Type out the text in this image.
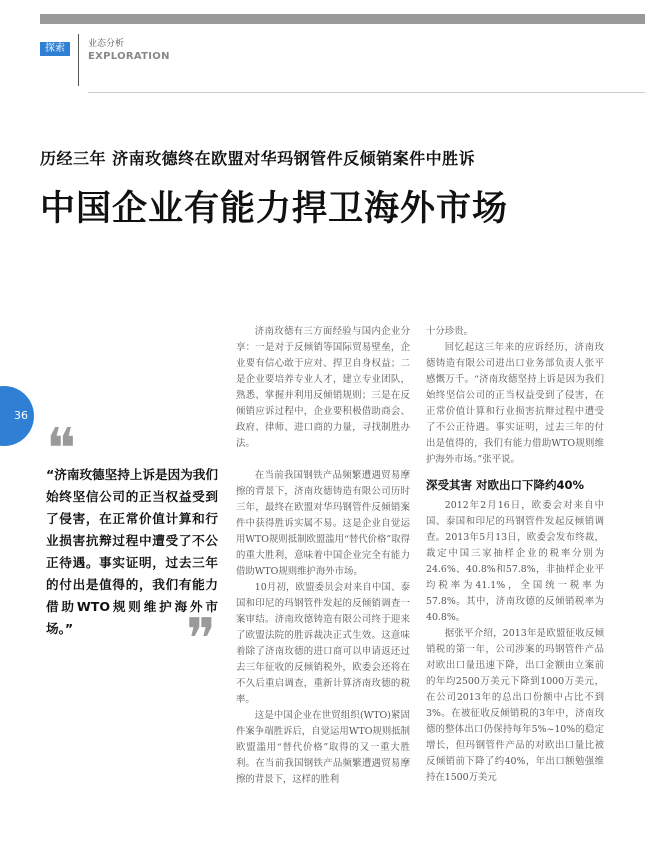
探索	业态分析
EXPLORATION
历经三年 济南玫德终在欧盟对华玛钢管件反倾销案件中胜诉
中国企业有能力捍卫海外市场
36
❝
“济南玫德坚持上诉是因为我们始终坚信公司的正当权益受到了侵害，在正常价值计算和行业损害抗辩过程中遭受了不公正待遇。事实证明，过去三年的付出是值得的，我们有能力借助WTO规则维护海外市场。”	❞

济南玫德有三方面经验与国内企业分享：一是对于反倾销等国际贸易壁垒，企业要有信心敢于应对、捍卫自身权益；二是企业要培养专业人才，建立专业团队，熟悉、掌握并利用反倾销规则；三是在反倾销应诉过程中，企业要积极借助商会、政府、律师、进口商的力量，寻找制胜办法。

在当前我国钢铁产品频繁遭遇贸易摩擦的背景下，济南玫德铸造有限公司历时三年，最终在欧盟对华玛钢管件反倾销案件中获得胜诉实属不易。这是企业自觉运用WTO规则抵制欧盟滥用“替代价格”取得的重大胜利，意味着中国企业完全有能力借助WTO规则维护海外市场。

10月初，欧盟委员会对来自中国、泰国和印尼的玛钢管件发起的反倾销调查一案审结。济南玫德铸造有限公司终于迎来了欧盟法院的胜诉裁决正式生效。这意味着除了济南玫德的进口商可以申请返还过去三年征收的反倾销税外，欧委会还将在不久后重启调查，重新计算济南玫德的税率。

这是中国企业在世贸组织(WTO)紧固件案争端胜诉后，自觉运用WTO规则抵制欧盟滥用“替代价格”取得的又一重大胜利。在当前我国钢铁产品频繁遭遇贸易摩擦的背景下，这样的胜利

十分珍贵。

回忆起这三年来的应诉经历，济南玫德铸造有限公司进出口业务部负责人张平感慨万千。“济南玫德坚持上诉是因为我们始终坚信公司的正当权益受到了侵害，在正常价值计算和行业损害抗辩过程中遭受了不公正待遇。事实证明，过去三年的付出是值得的，我们有能力借助WTO规则维护海外市场。”张平说。

深受其害 对欧出口下降约40%

2012年2月16日，欧委会对来自中国、泰国和印尼的玛钢管件发起反倾销调查。2013年5月13日，欧委会发布终裁，裁定中国三家抽样企业的税率分别为24.6%、40.8%和57.8%，非抽样企业平均税率为41.1%，全国统一税率为57.8%。其中，济南玫德的反倾销税率为40.8%。

据张平介绍，2013年是欧盟征收反倾销税的第一年，公司涉案的玛钢管件产品对欧出口量迅速下降，出口金额由立案前的年均2500万美元下降到1000万美元，在公司2013年的总出口份额中占比不到3%。在被征收反倾销税的3年中，济南玫德的整体出口仍保持每年5%~10%的稳定增长，但玛钢管件产品的对欧出口量比被反倾销前下降了约40%，年出口额勉强维持在1500万美元
